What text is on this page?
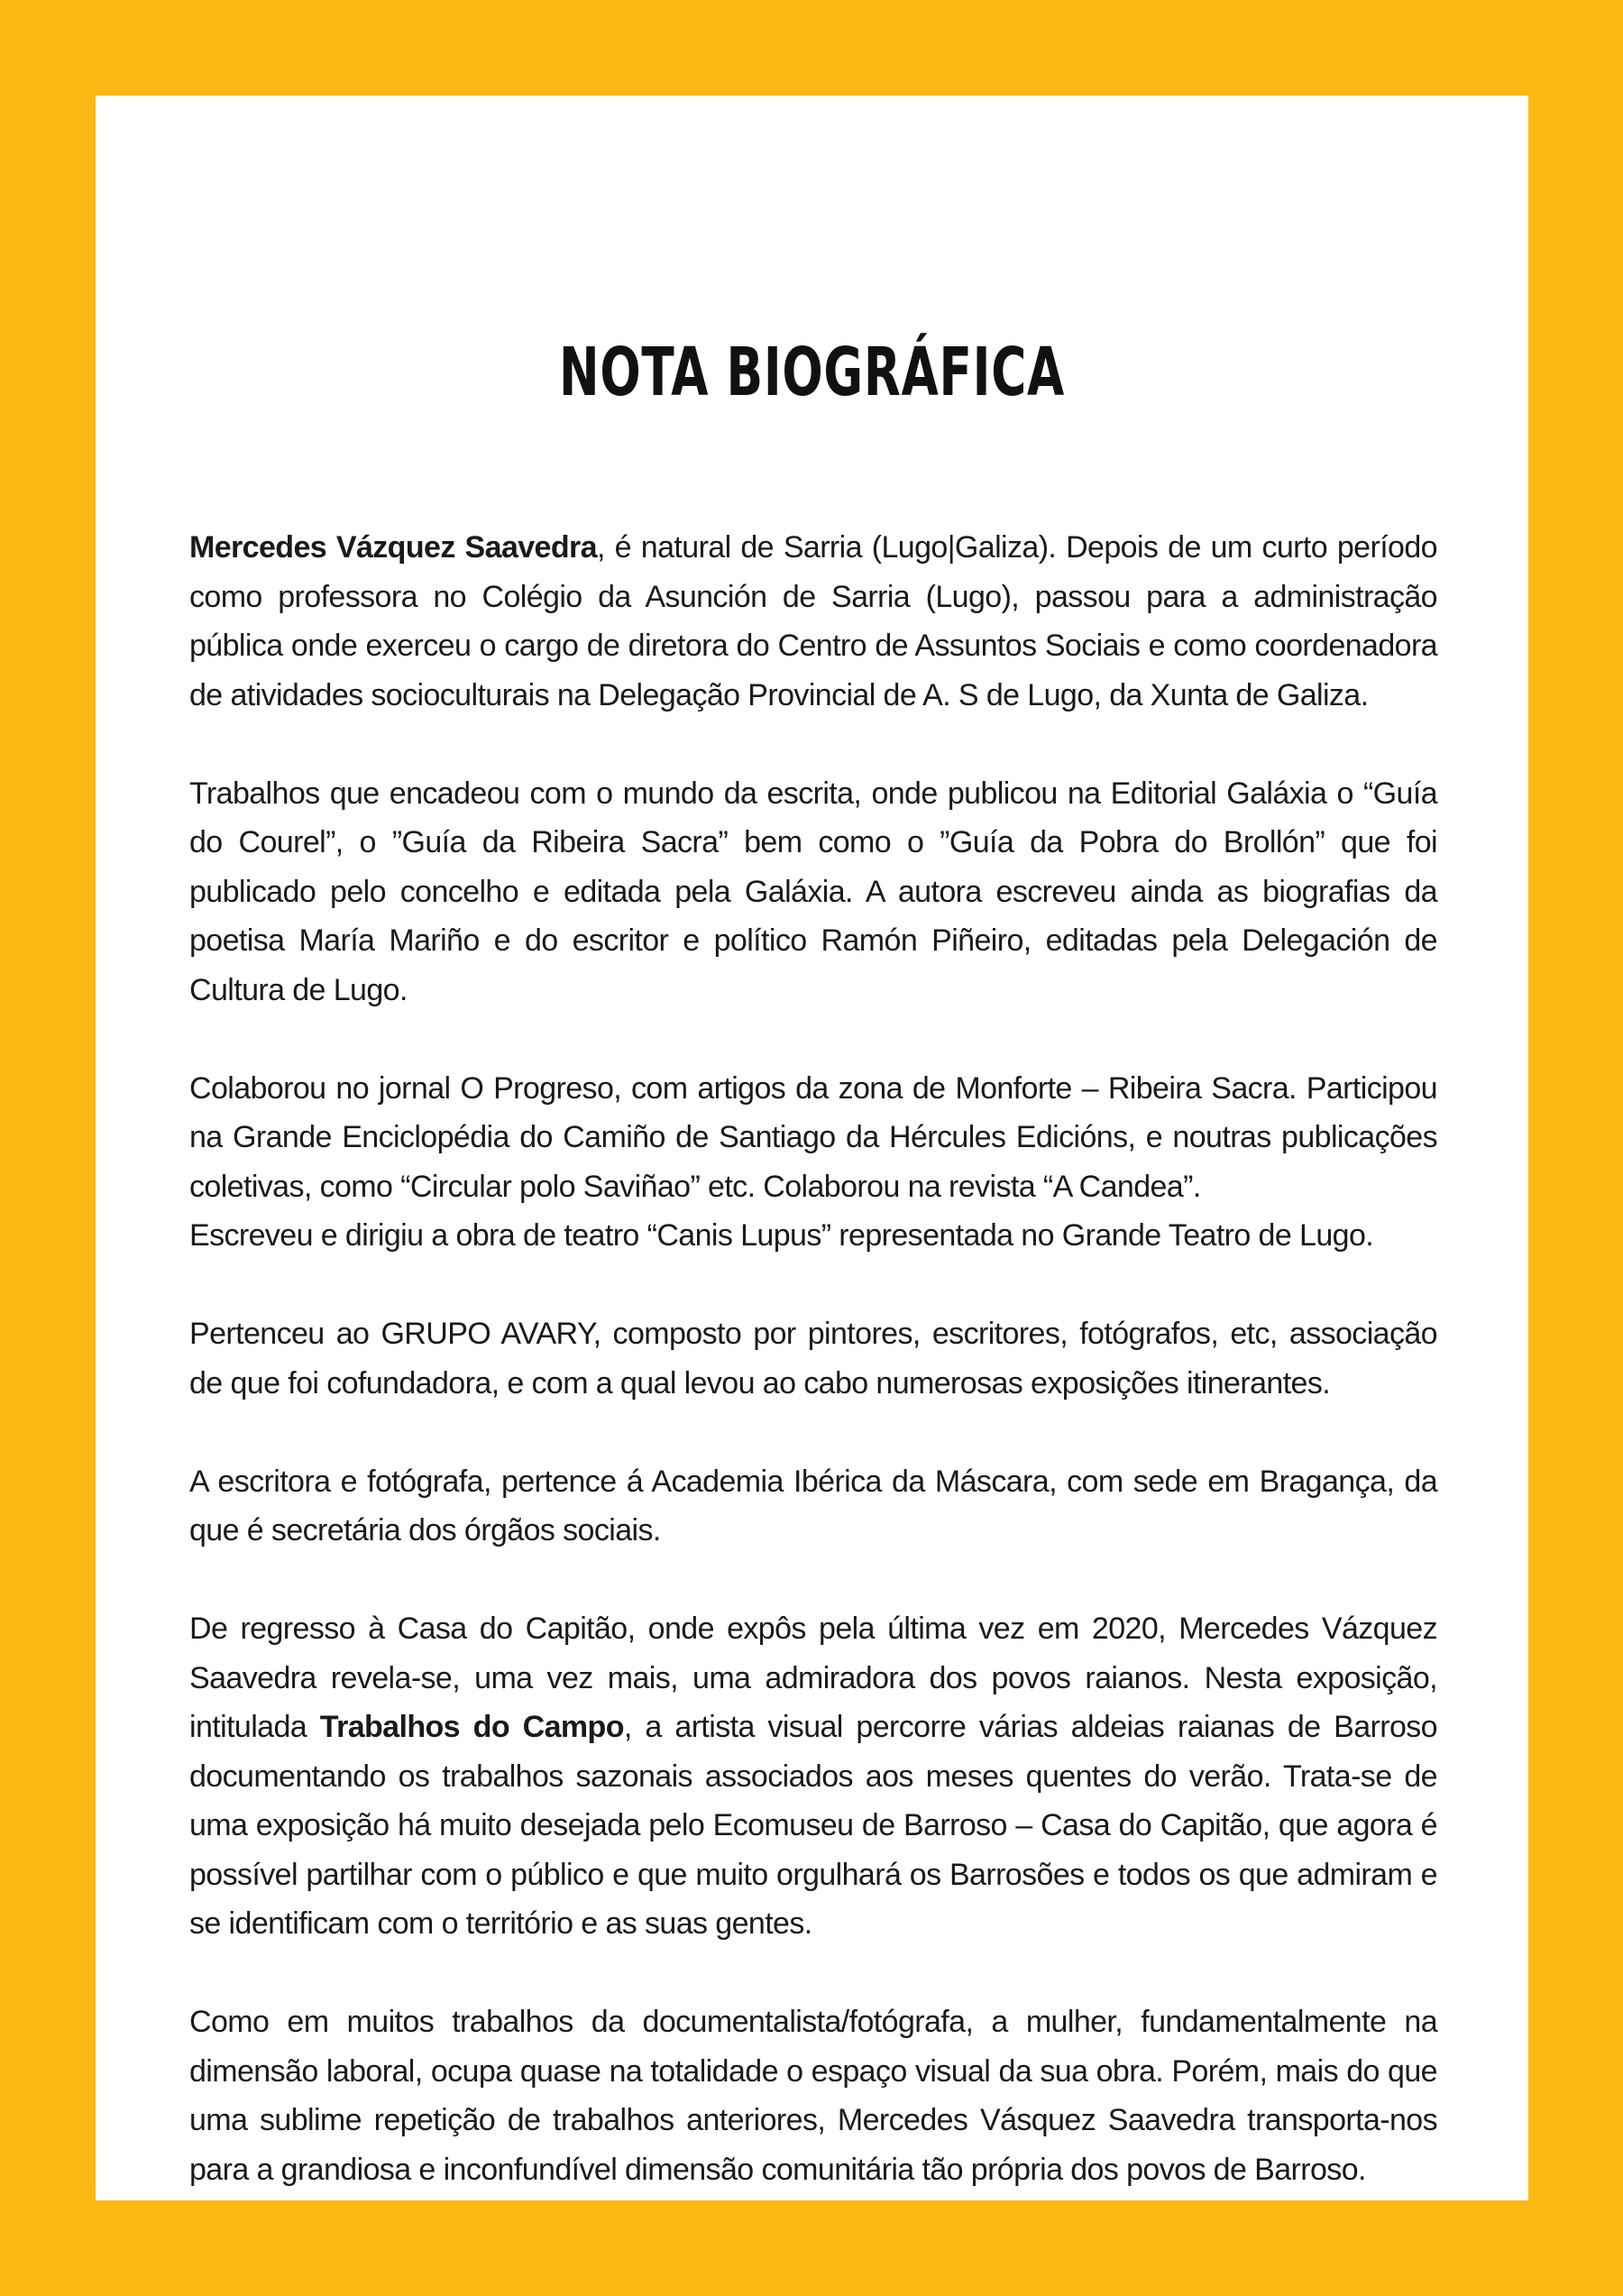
NOTA BIOGRÁFICA

Mercedes Vázquez Saavedra, é natural de Sarria (Lugo|Galiza). Depois de um curto período como professora no Colégio da Asunción de Sarria (Lugo), passou para a administração pública onde exerceu o cargo de diretora do Centro de Assuntos Sociais e como coordenadora de atividades socioculturais na Delegação Provincial de A. S de Lugo, da Xunta de Galiza.

Trabalhos que encadeou com o mundo da escrita, onde publicou na Editorial Galáxia o “Guía do Courel”, o ”Guía da Ribeira Sacra” bem como o ”Guía da Pobra do Brollón” que foi publicado pelo concelho e editada pela Galáxia. A autora escreveu ainda as biografias da poetisa María Mariño e do escritor e político Ramón Piñeiro, editadas pela Delegación de Cultura de Lugo.

Colaborou no jornal O Progreso, com artigos da zona de Monforte – Ribeira Sacra. Participou na Grande Enciclopédia do Camiño de Santiago da Hércules Edicións, e noutras publicações coletivas, como “Circular polo Saviñao” etc. Colaborou na revista “A Candea”.
Escreveu e dirigiu a obra de teatro “Canis Lupus” representada no Grande Teatro de Lugo.

Pertenceu ao GRUPO AVARY, composto por pintores, escritores, fotógrafos, etc, associação de que foi cofundadora, e com a qual levou ao cabo numerosas exposições itinerantes.

A escritora e fotógrafa, pertence á Academia Ibérica da Máscara, com sede em Bragança, da que é secretária dos órgãos sociais.

De regresso à Casa do Capitão, onde expôs pela última vez em 2020, Mercedes Vázquez Saavedra revela-se, uma vez mais, uma admiradora dos povos raianos. Nesta exposição, intitulada Trabalhos do Campo, a artista visual percorre várias aldeias raianas de Barroso documentando os trabalhos sazonais associados aos meses quentes do verão. Trata-se de uma exposição há muito desejada pelo Ecomuseu de Barroso – Casa do Capitão, que agora é possível partilhar com o público e que muito orgulhará os Barrosões e todos os que admiram e se identificam com o território e as suas gentes.

Como em muitos trabalhos da documentalista/fotógrafa, a mulher, fundamentalmente na dimensão laboral, ocupa quase na totalidade o espaço visual da sua obra. Porém, mais do que uma sublime repetição de trabalhos anteriores, Mercedes Vásquez Saavedra transporta-nos para a grandiosa e inconfundível dimensão comunitária tão própria dos povos de Barroso.
